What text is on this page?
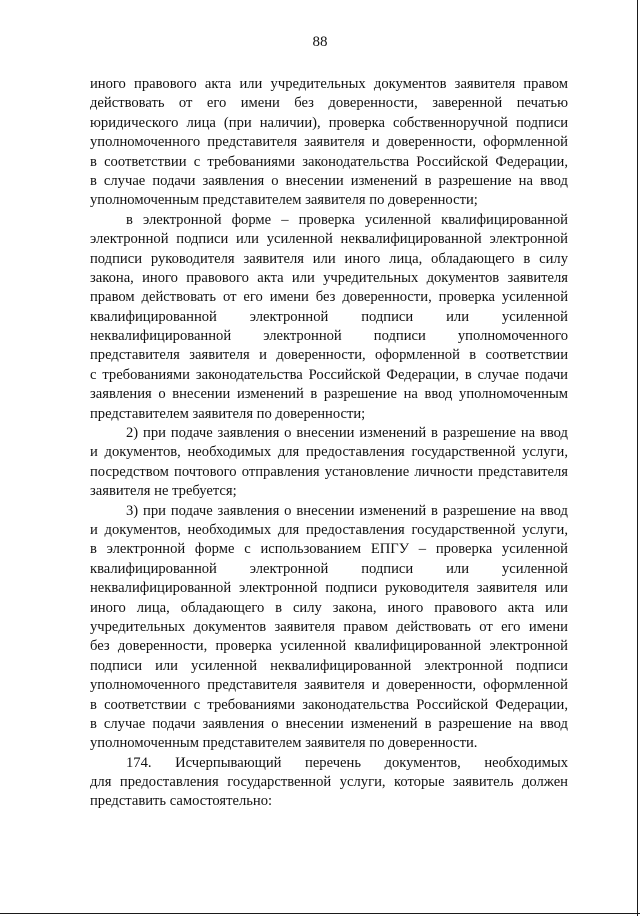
88
иного правового акта или учредительных документов заявителя правом
действовать от его имени без доверенности, заверенной печатью
юридического лица (при наличии), проверка собственноручной подписи
уполномоченного представителя заявителя и доверенности, оформленной
в соответствии с требованиями законодательства Российской Федерации,
в случае подачи заявления о внесении изменений в разрешение на ввод
уполномоченным представителем заявителя по доверенности;
в электронной форме – проверка усиленной квалифицированной
электронной подписи или усиленной неквалифицированной электронной
подписи руководителя заявителя или иного лица, обладающего в силу
закона, иного правового акта или учредительных документов заявителя
правом действовать от его имени без доверенности, проверка усиленной
квалифицированной электронной подписи или усиленной
неквалифицированной электронной подписи уполномоченного
представителя заявителя и доверенности, оформленной в соответствии
с требованиями законодательства Российской Федерации, в случае подачи
заявления о внесении изменений в разрешение на ввод уполномоченным
представителем заявителя по доверенности;
2) при подаче заявления о внесении изменений в разрешение на ввод
и документов, необходимых для предоставления государственной услуги,
посредством почтового отправления установление личности представителя
заявителя не требуется;
3) при подаче заявления о внесении изменений в разрешение на ввод
и документов, необходимых для предоставления государственной услуги,
в электронной форме с использованием ЕПГУ – проверка усиленной
квалифицированной электронной подписи или усиленной
неквалифицированной электронной подписи руководителя заявителя или
иного лица, обладающего в силу закона, иного правового акта или
учредительных документов заявителя правом действовать от его имени
без доверенности, проверка усиленной квалифицированной электронной
подписи или усиленной неквалифицированной электронной подписи
уполномоченного представителя заявителя и доверенности, оформленной
в соответствии с требованиями законодательства Российской Федерации,
в случае подачи заявления о внесении изменений в разрешение на ввод
уполномоченным представителем заявителя по доверенности.
174. Исчерпывающий перечень документов, необходимых
для предоставления государственной услуги, которые заявитель должен
представить самостоятельно:
